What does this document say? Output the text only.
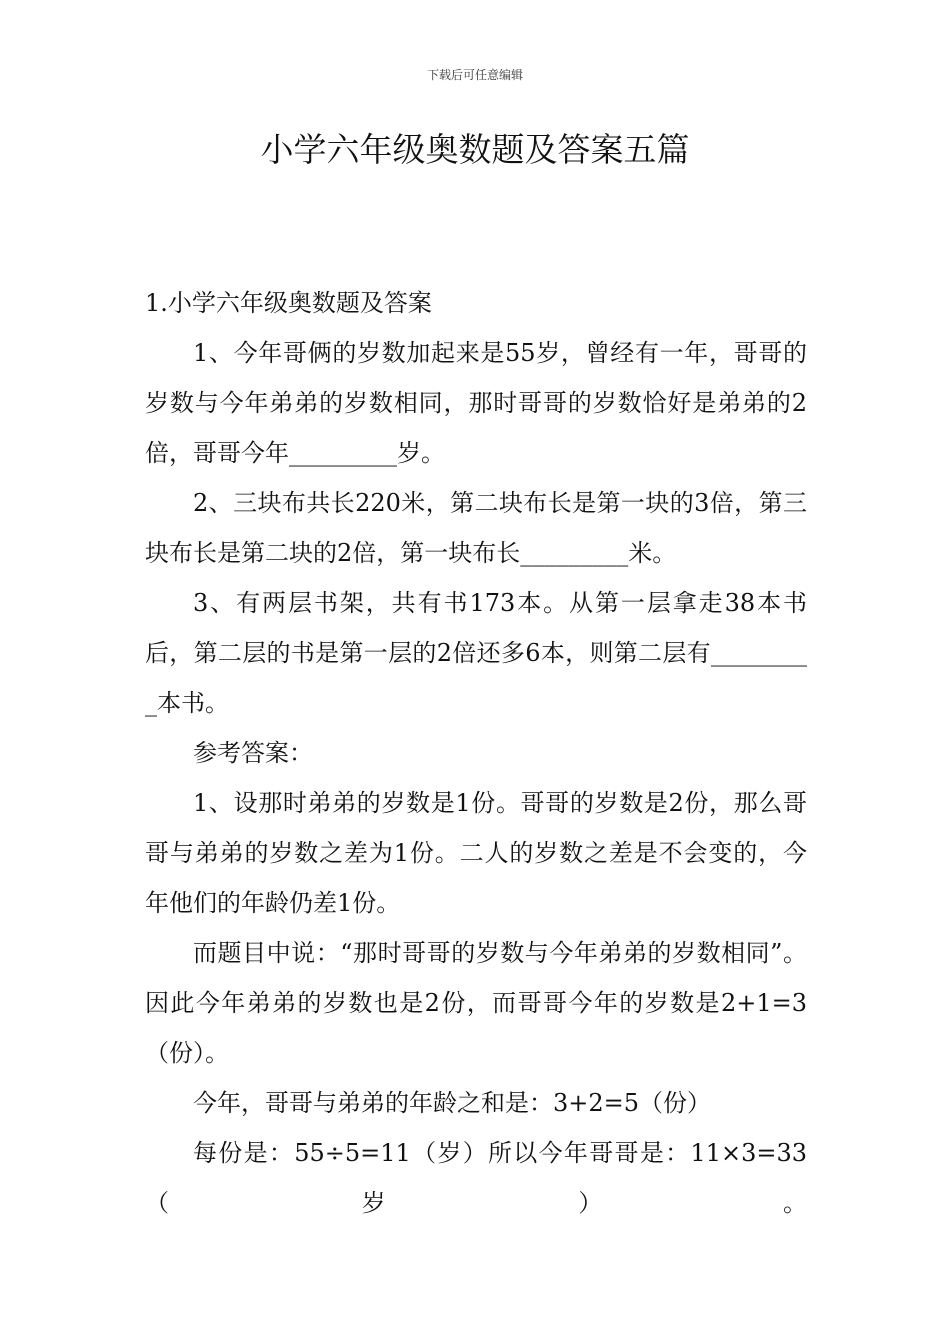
下载后可任意编辑
小学六年级奥数题及答案五篇

1.小学六年级奥数题及答案

1、今年哥俩的岁数加起来是55岁，曾经有一年，哥哥的岁数与今年弟弟的岁数相同，那时哥哥的岁数恰好是弟弟的2倍，哥哥今年_________岁。

2、三块布共长220米，第二块布长是第一块的3倍，第三块布长是第二块的2倍，第一块布长_________米。

3、有两层书架，共有书173本。从第一层拿走38本书后，第二层的书是第一层的2倍还多6本，则第二层有_________本书。

参考答案：

1、设那时弟弟的岁数是1份。哥哥的岁数是2份，那么哥哥与弟弟的岁数之差为1份。二人的岁数之差是不会变的，今年他们的年龄仍差1份。

而题目中说：“那时哥哥的岁数与今年弟弟的岁数相同”。因此今年弟弟的岁数也是2份，而哥哥今年的岁数是2+1=3（份）。

今年，哥哥与弟弟的年龄之和是：3+2=5（份）

每份是：55÷5=11（岁）所以今年哥哥是：11×3=33（岁）。
